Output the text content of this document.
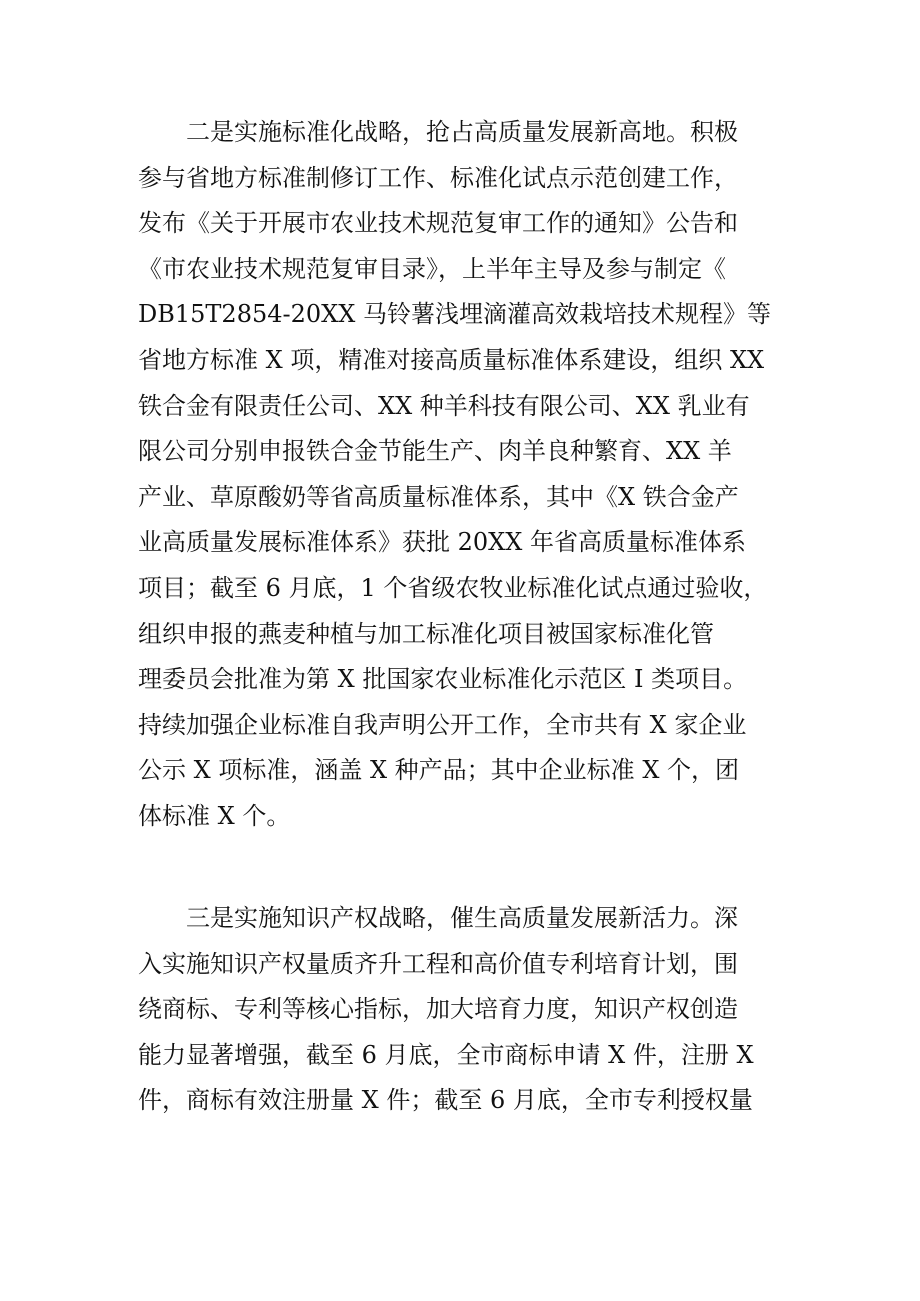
　　二是实施标准化战略，抢占高质量发展新高地。积极
参与省地方标准制修订工作、标准化试点示范创建工作，
发布《关于开展市农业技术规范复审工作的通知》公告和
《市农业技术规范复审目录》，上半年主导及参与制定《
DB15T2854-20XX 马铃薯浅埋滴灌高效栽培技术规程》等
省地方标准 X 项，精准对接高质量标准体系建设，组织 XX
铁合金有限责任公司、XX 种羊科技有限公司、XX 乳业有
限公司分别申报铁合金节能生产、肉羊良种繁育、XX 羊
产业、草原酸奶等省高质量标准体系，其中《X 铁合金产
业高质量发展标准体系》获批 20XX 年省高质量标准体系
项目；截至 6 月底，1 个省级农牧业标准化试点通过验收，
组织申报的燕麦种植与加工标准化项目被国家标准化管
理委员会批准为第 X 批国家农业标准化示范区 I 类项目。
持续加强企业标准自我声明公开工作，全市共有 X 家企业
公示 X 项标准，涵盖 X 种产品；其中企业标准 X 个，团
体标准 X 个。
　　三是实施知识产权战略，催生高质量发展新活力。深
入实施知识产权量质齐升工程和高价值专利培育计划，围
绕商标、专利等核心指标，加大培育力度，知识产权创造
能力显著增强，截至 6 月底，全市商标申请 X 件，注册 X
件，商标有效注册量 X 件；截至 6 月底，全市专利授权量
